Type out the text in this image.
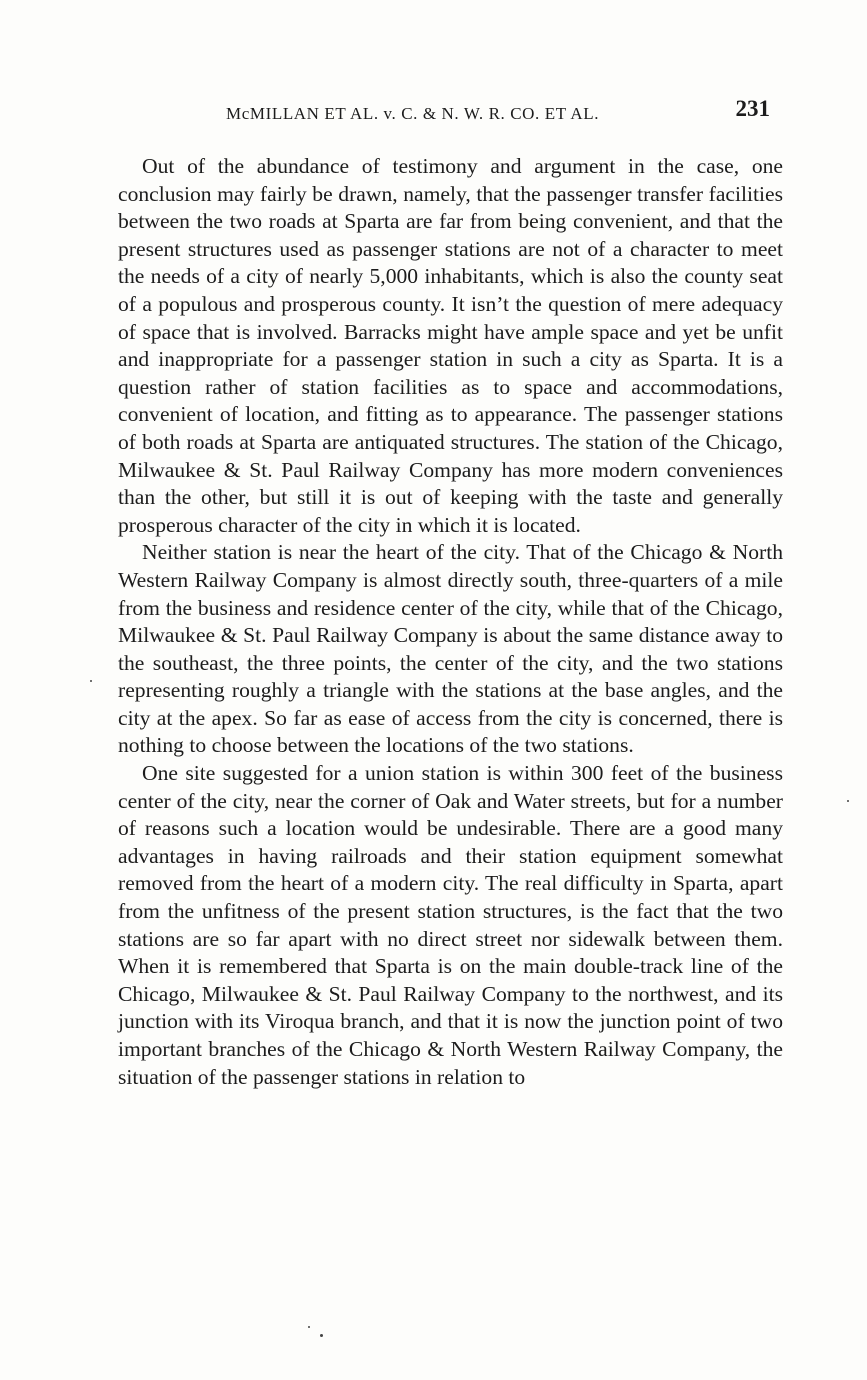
McMILLAN ET AL. v. C. & N. W. R. CO. ET AL.	231

Out of the abundance of testimony and argument in the case, one conclusion may fairly be drawn, namely, that the passenger transfer facilities between the two roads at Sparta are far from being convenient, and that the present structures used as passenger stations are not of a character to meet the needs of a city of nearly 5,000 inhabitants, which is also the county seat of a populous and prosperous county. It isn’t the question of mere adequacy of space that is involved. Barracks might have ample space and yet be unfit and inappropriate for a passenger station in such a city as Sparta. It is a question rather of station facilities as to space and accommodations, convenient of location, and fitting as to appearance. The passenger stations of both roads at Sparta are antiquated structures. The station of the Chicago, Milwaukee & St. Paul Railway Company has more modern conveniences than the other, but still it is out of keeping with the taste and generally prosperous character of the city in which it is located.

Neither station is near the heart of the city. That of the Chicago & North Western Railway Company is almost directly south, three-quarters of a mile from the business and residence center of the city, while that of the Chicago, Milwaukee & St. Paul Railway Company is about the same distance away to the southeast, the three points, the center of the city, and the two stations representing roughly a triangle with the stations at the base angles, and the city at the apex. So far as ease of access from the city is concerned, there is nothing to choose between the locations of the two stations.

One site suggested for a union station is within 300 feet of the business center of the city, near the corner of Oak and Water streets, but for a number of reasons such a location would be undesirable. There are a good many advantages in having railroads and their station equipment somewhat removed from the heart of a modern city. The real difficulty in Sparta, apart from the unfitness of the present station structures, is the fact that the two stations are so far apart with no direct street nor sidewalk between them. When it is remembered that Sparta is on the main double-track line of the Chicago, Milwaukee & St. Paul Railway Company to the northwest, and its junction with its Viroqua branch, and that it is now the junction point of two important branches of the Chicago & North Western Railway Company, the situation of the passenger stations in relation to
